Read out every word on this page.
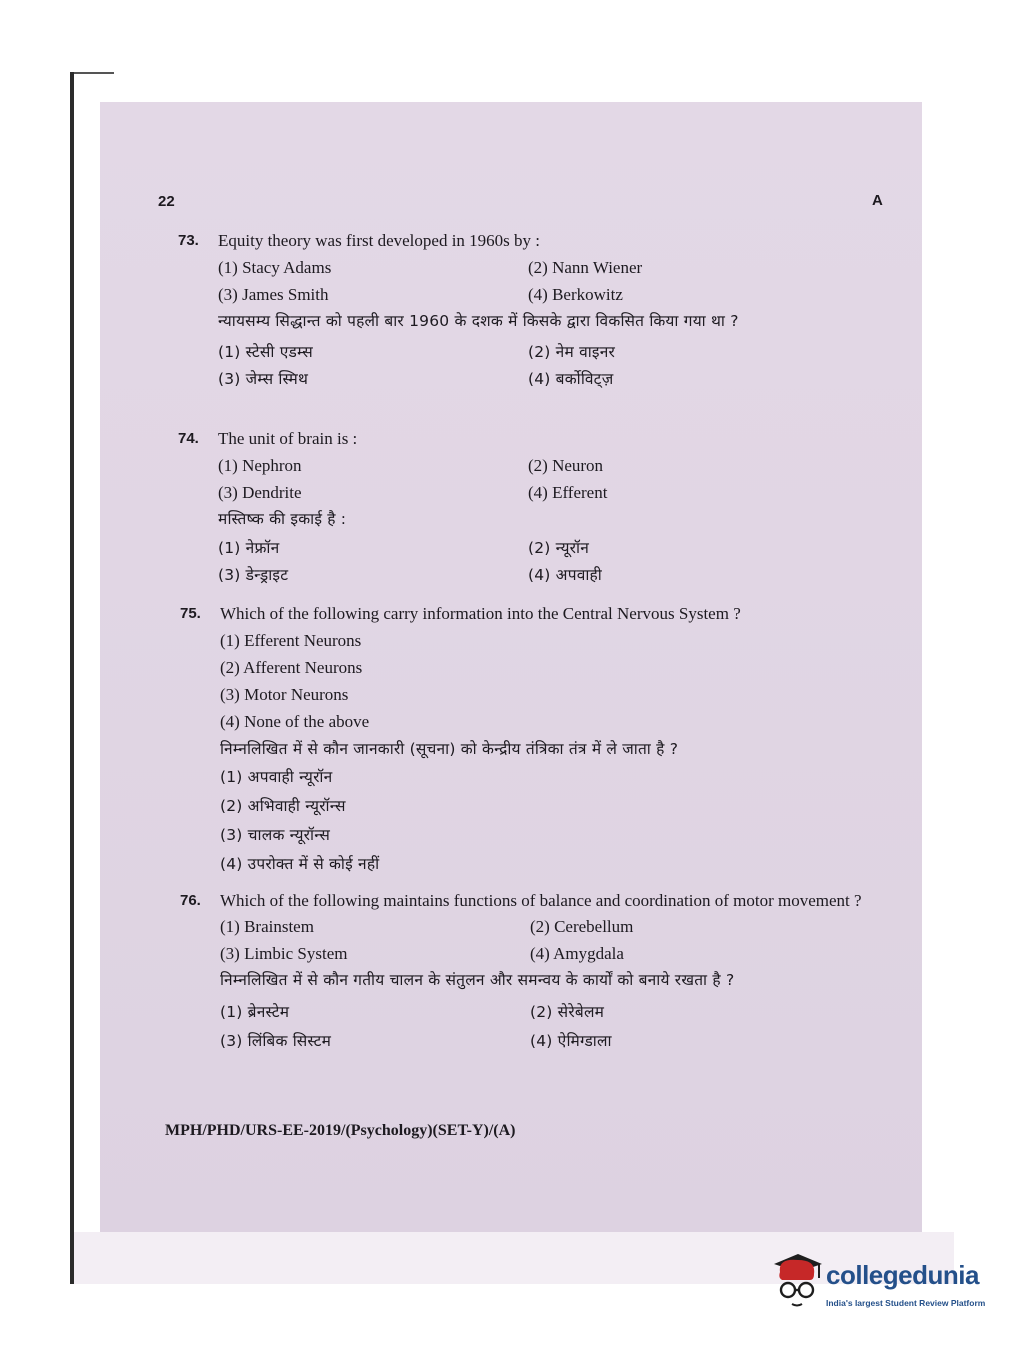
22	A
73. Equity theory was first developed in 1960s by :
(1) Stacy Adams	(2) Nann Wiener
(3) James Smith	(4) Berkowitz
न्यायसम्य सिद्धान्त को पहली बार 1960 के दशक में किसके द्वारा विकसित किया गया था ?
(1) स्टेसी एडम्स	(2) नेम वाइनर
(3) जेम्स स्मिथ	(4) बर्कोविट्ज़
74. The unit of brain is :
(1) Nephron	(2) Neuron
(3) Dendrite	(4) Efferent
मस्तिष्क की इकाई है :
(1) नेफ्रॉन	(2) न्यूरॉन
(3) डेन्ड्राइट	(4) अपवाही
75. Which of the following carry information into the Central Nervous System ?
(1) Efferent Neurons
(2) Afferent Neurons
(3) Motor Neurons
(4) None of the above
निम्नलिखित में से कौन जानकारी (सूचना) को केन्द्रीय तंत्रिका तंत्र में ले जाता है ?
(1) अपवाही न्यूरॉन
(2) अभिवाही न्यूरॉन्स
(3) चालक न्यूरॉन्स
(4) उपरोक्त में से कोई नहीं
76. Which of the following maintains functions of balance and coordination of motor movement ?
(1) Brainstem	(2) Cerebellum
(3) Limbic System	(4) Amygdala
निम्नलिखित में से कौन गतीय चालन के संतुलन और समन्वय के कार्यों को बनाये रखता है ?
(1) ब्रेनस्टेम	(2) सेरेबेलम
(3) लिंबिक सिस्टम	(4) ऐमिग्डाला
MPH/PHD/URS-EE-2019/(Psychology)(SET-Y)/(A)
collegedunia
India's largest Student Review Platform
